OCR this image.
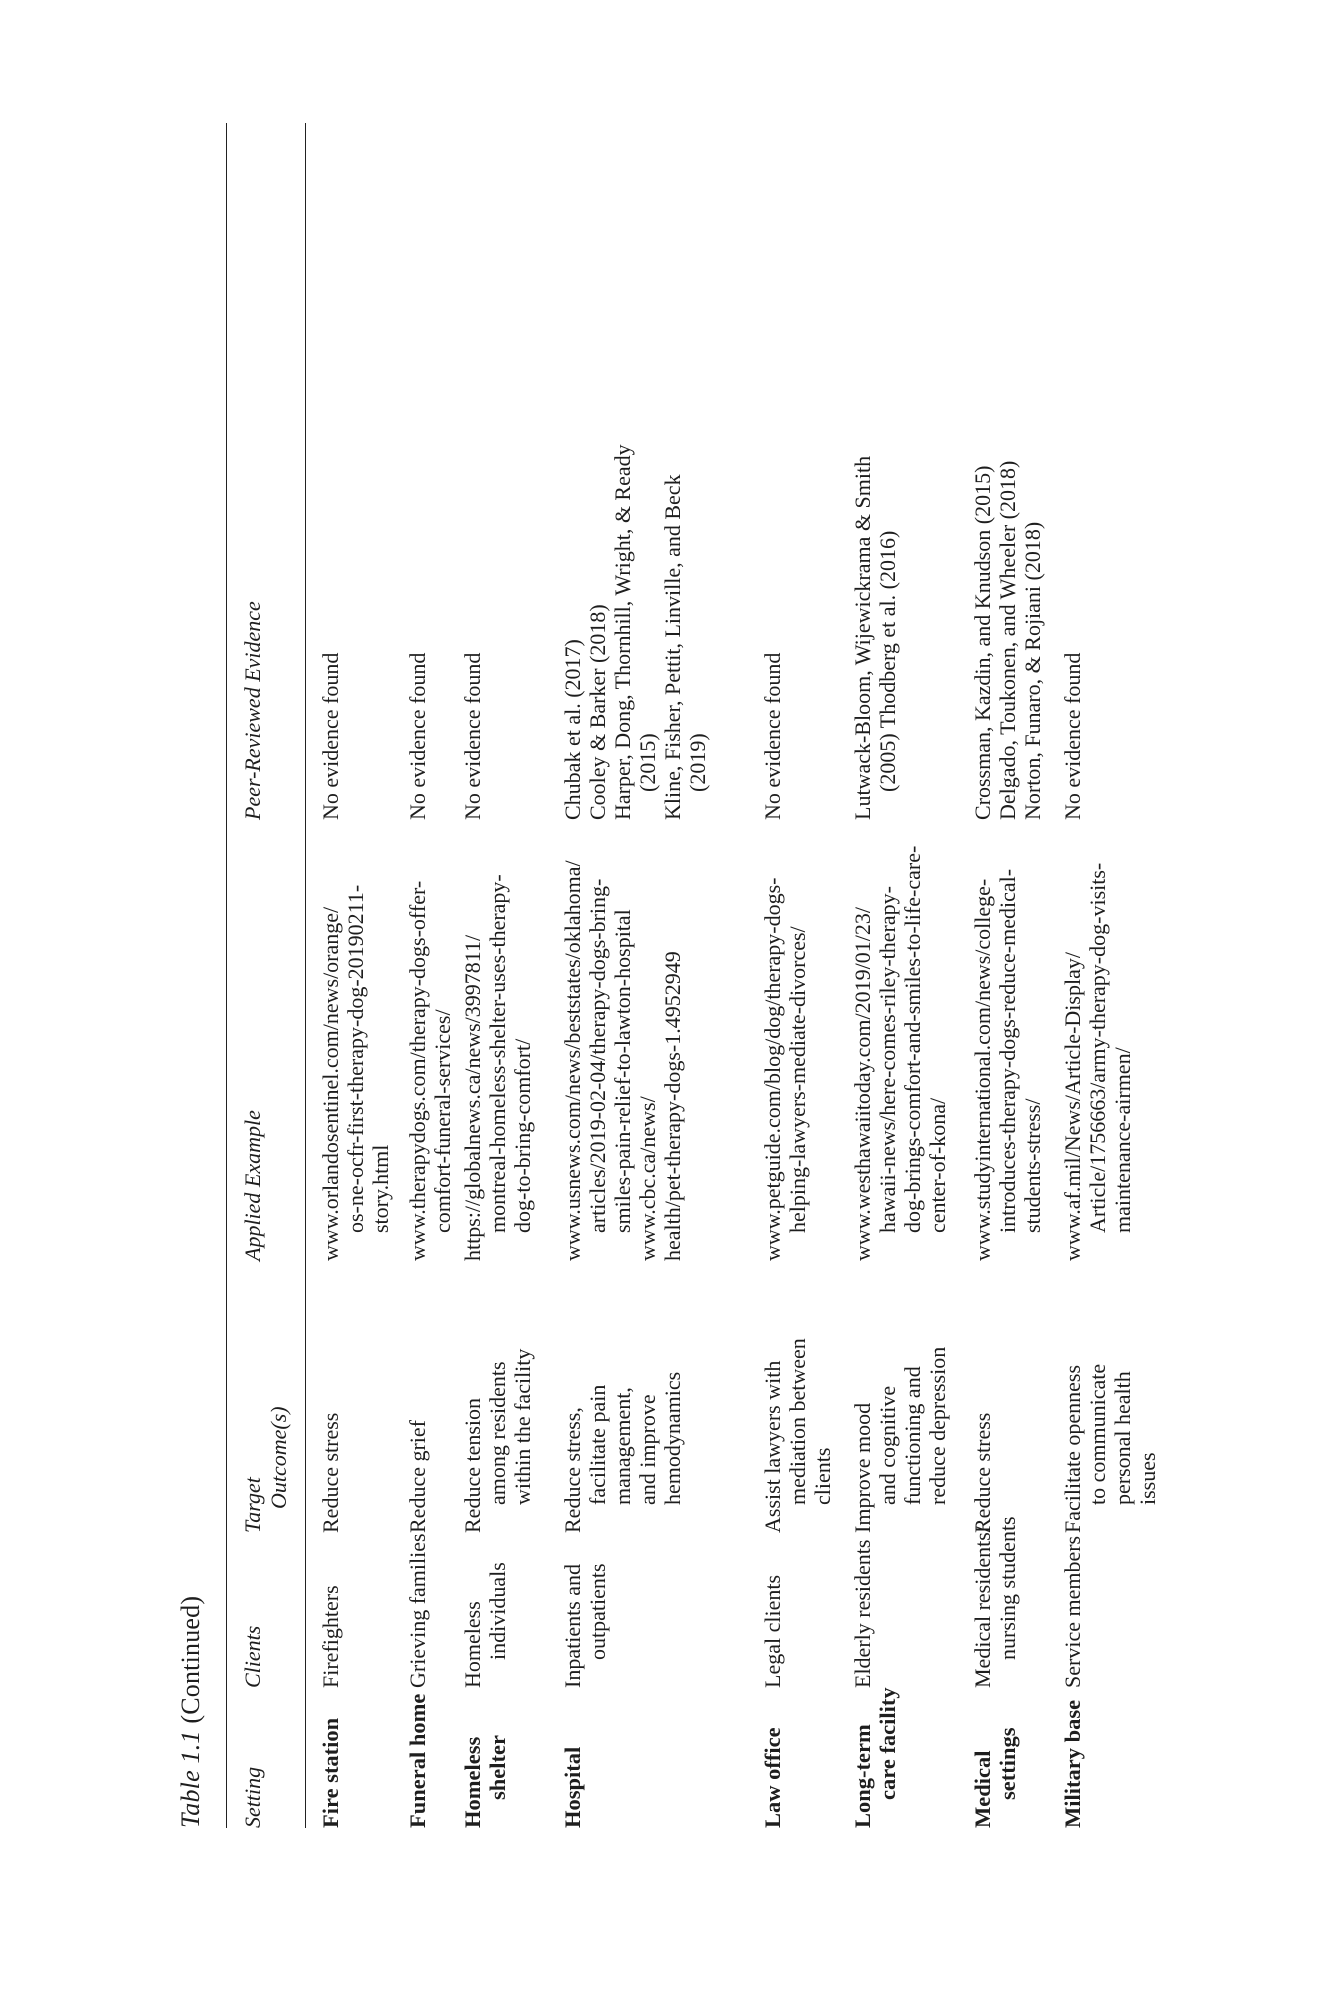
Table 1.1 (Continued)
Setting
Clients
Target Outcome(s)
Applied Example
Peer-Reviewed Evidence
Fire station
Firefighters
Reduce stress
www.orlandosentinel.com/news/orange/ os-ne-ocfr-first-therapy-dog-20190211- story.html
No evidence found
Funeral home
Grieving families
Reduce grief
www.therapydogs.com/therapy-dogs-offer- comfort-funeral-services/
No evidence found
Homeless shelter
Homeless individuals
Reduce tension among residents within the facility
https://globalnews.ca/news/3997811/ montreal-homeless-shelter-uses-therapy- dog-to-bring-comfort/
No evidence found
Hospital
Inpatients and outpatients
Reduce stress, facilitate pain management, and improve hemodynamics
www.usnews.com/news/beststates/oklahoma/ articles/2019-02-04/therapy-dogs-bring- smiles-pain-relief-to-lawton-hospital www.cbc.ca/news/ health/pet-therapy-dogs-1.4952949
Chubak et al. (2017) Cooley & Barker (2018) Harper, Dong, Thornhill, Wright, & Ready (2015) Kline, Fisher, Pettit, Linville, and Beck (2019)
Law office
Legal clients
Assist lawyers with mediation between clients
www.petguide.com/blog/dog/therapy-dogs- helping-lawyers-mediate-divorces/
No evidence found
Long-term care facility
Elderly residents
Improve mood and cognitive functioning and reduce depression
www.westhawaiitoday.com/2019/01/23/ hawaii-news/here-comes-riley-therapy- dog-brings-comfort-and-smiles-to-life-care- center-of-kona/
Lutwack-Bloom, Wijewickrama & Smith (2005) Thodberg et al. (2016)
Medical settings
Medical residents/ nursing students
Reduce stress
www.studyinternational.com/news/college- introduces-therapy-dogs-reduce-medical- students-stress/
Crossman, Kazdin, and Knudson (2015) Delgado, Toukonen, and Wheeler (2018) Norton, Funaro, & Rojiani (2018)
Military base
Service members
Facilitate openness to communicate personal health issues
www.af.mil/News/Article-Display/ Article/1756663/army-therapy-dog-visits- maintenance-airmen/
No evidence found
